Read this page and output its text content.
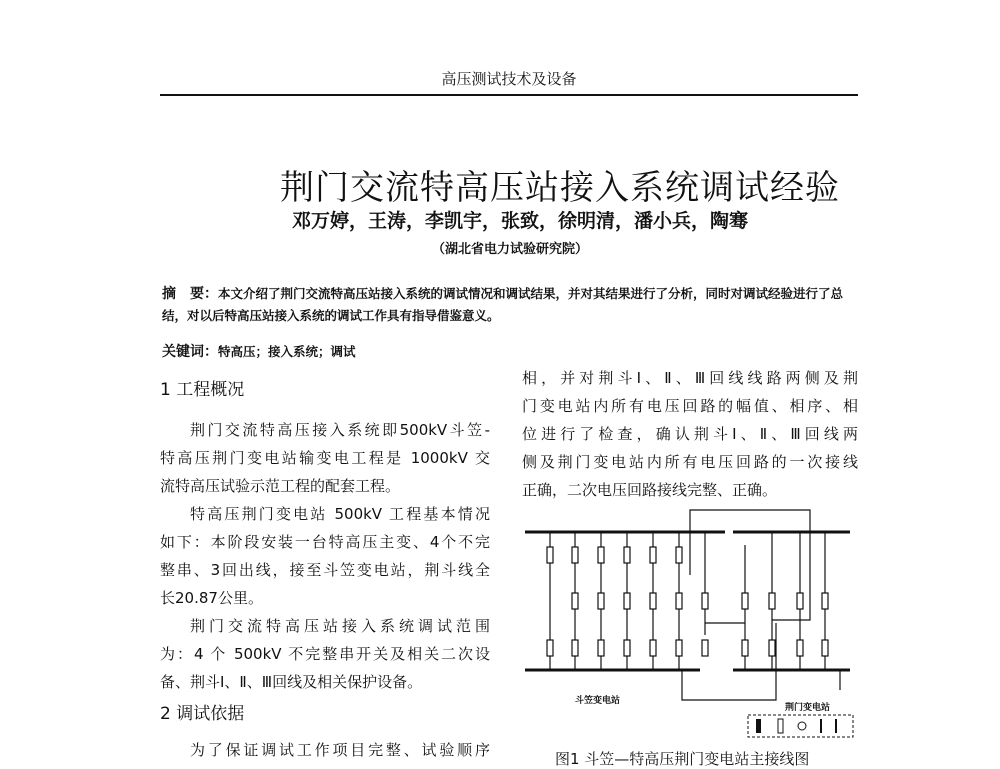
高压测试技术及设备
荆门交流特高压站接入系统调试经验
邓万婷，王涛，李凯宇，张致，徐明清，潘小兵，陶骞
（湖北省电力试验研究院）
摘　要：本文介绍了荆门交流特高压站接入系统的调试情况和调试结果，并对其结果进行了分析，同时对调试经验进行了总结，对以后特高压站接入系统的调试工作具有指导借鉴意义。
关键词：特高压；接入系统；调试
1 工程概况
荆门交流特高压接入系统即500kV斗笠-
特高压荆门变电站输变电工程是 1000kV 交
流特高压试验示范工程的配套工程。
特高压荆门变电站 500kV 工程基本情况
如下：本阶段安装一台特高压主变、4个不完
整串、3回出线，接至斗笠变电站，荆斗线全
长20.87公里。
荆门交流特高压站接入系统调试范围
为：4 个 500kV 不完整串开关及相关二次设
备、荆斗Ⅰ、Ⅱ、Ⅲ回线及相关保护设备。
2 调试依据
为了保证调试工作项目完整、试验顺序
相，并对荆斗Ⅰ、Ⅱ、Ⅲ回线线路两侧及荆
门变电站内所有电压回路的幅值、相序、相
位进行了检查，确认荆斗Ⅰ、Ⅱ、Ⅲ回线两
侧及荆门变电站内所有电压回路的一次接线
正确，二次电压回路接线完整、正确。
斗笠变电站
荆门变电站
图1 斗笠—特高压荆门变电站主接线图
